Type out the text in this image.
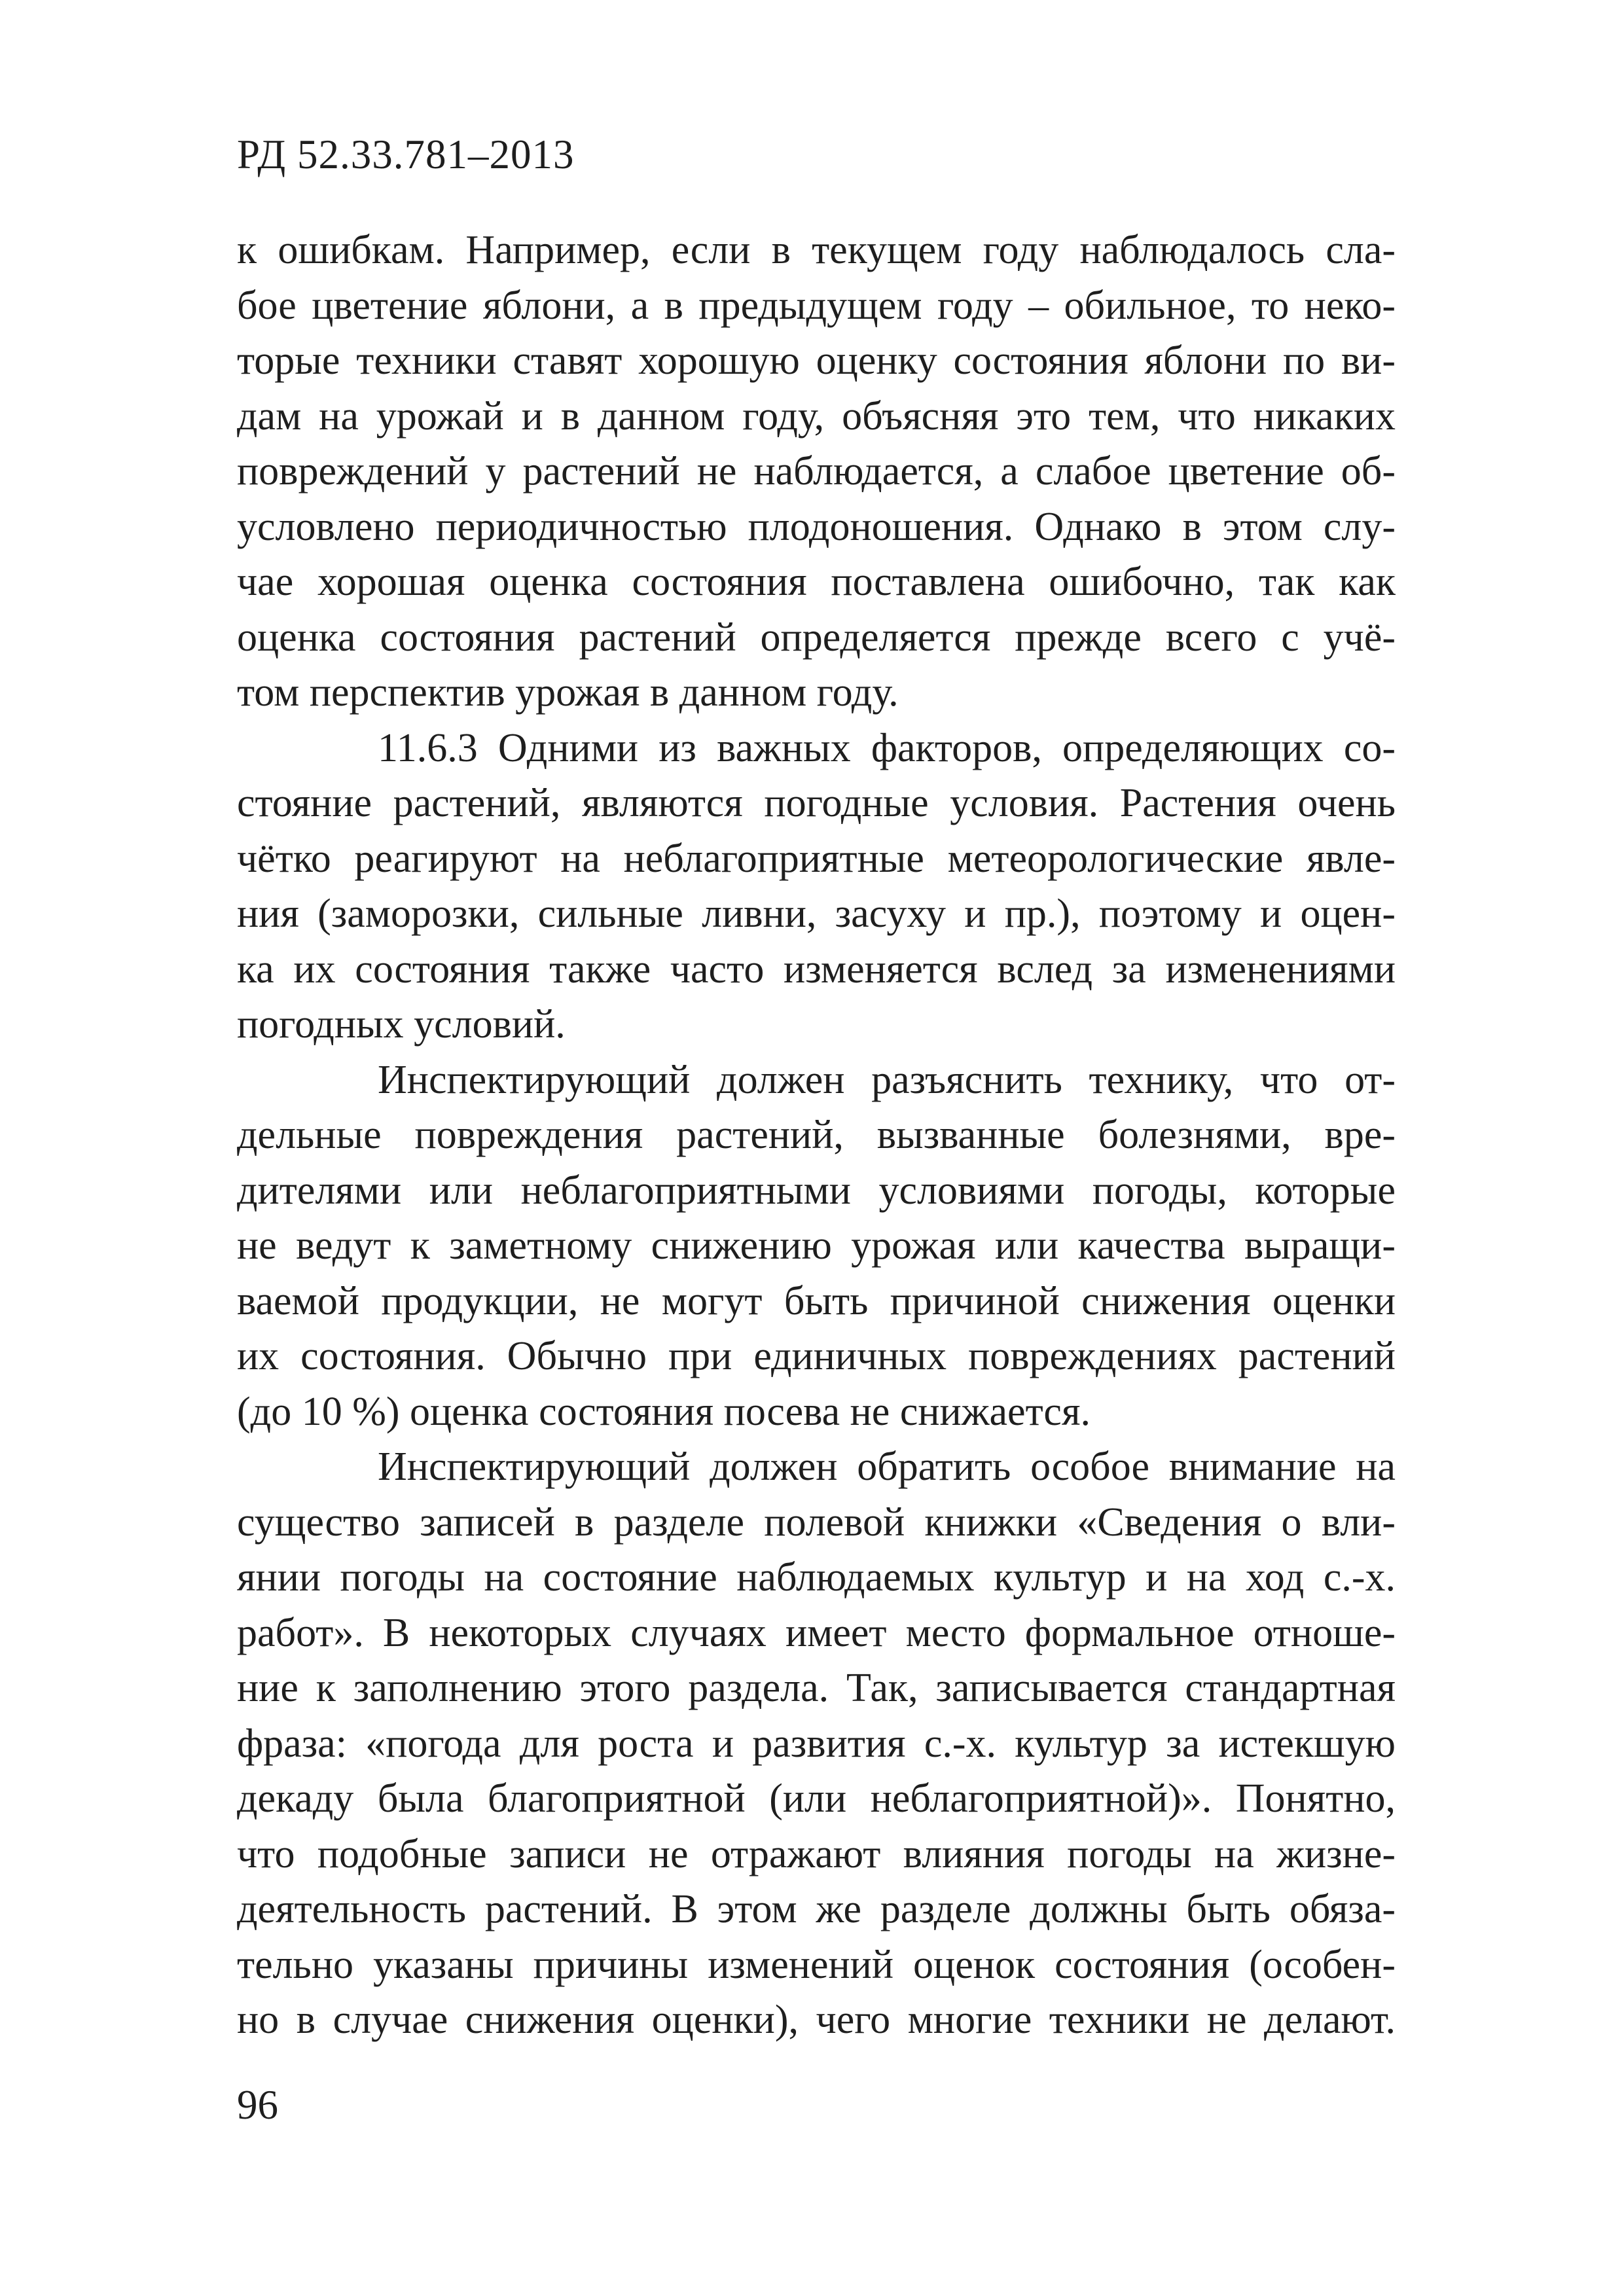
РД 52.33.781–2013
к ошибкам. Например, если в текущем году наблюдалось сла-
бое цветение яблони, а в предыдущем году – обильное, то неко-
торые техники ставят хорошую оценку состояния яблони по ви-
дам на урожай и в данном году, объясняя это тем, что никаких
повреждений у растений не наблюдается, а слабое цветение об-
условлено периодичностью плодоношения. Однако в этом слу-
чае хорошая оценка состояния поставлена ошибочно, так как
оценка состояния растений определяется прежде всего с учё-
том перспектив урожая в данном году.
11.6.3 Одними из важных факторов, определяющих со-
стояние растений, являются погодные условия. Растения очень
чётко реагируют на неблагоприятные метеорологические явле-
ния (заморозки, сильные ливни, засуху и пр.), поэтому и оцен-
ка их состояния также часто изменяется вслед за изменениями
погодных условий.
Инспектирующий должен разъяснить технику, что от-
дельные повреждения растений, вызванные болезнями, вре-
дителями или неблагоприятными условиями погоды, которые
не ведут к заметному снижению урожая или качества выращи-
ваемой продукции, не могут быть причиной снижения оценки
их состояния. Обычно при единичных повреждениях растений
(до 10 %) оценка состояния посева не снижается.
Инспектирующий должен обратить особое внимание на
существо записей в разделе полевой книжки «Сведения о вли-
янии погоды на состояние наблюдаемых культур и на ход с.-х.
работ». В некоторых случаях имеет место формальное отноше-
ние к заполнению этого раздела. Так, записывается стандартная
фраза: «погода для роста и развития с.-х. культур за истекшую
декаду была благоприятной (или неблагоприятной)». Понятно,
что подобные записи не отражают влияния погоды на жизне-
деятельность растений. В этом же разделе должны быть обяза-
тельно указаны причины изменений оценок состояния (особен-
но в случае снижения оценки), чего многие техники не делают.
96
